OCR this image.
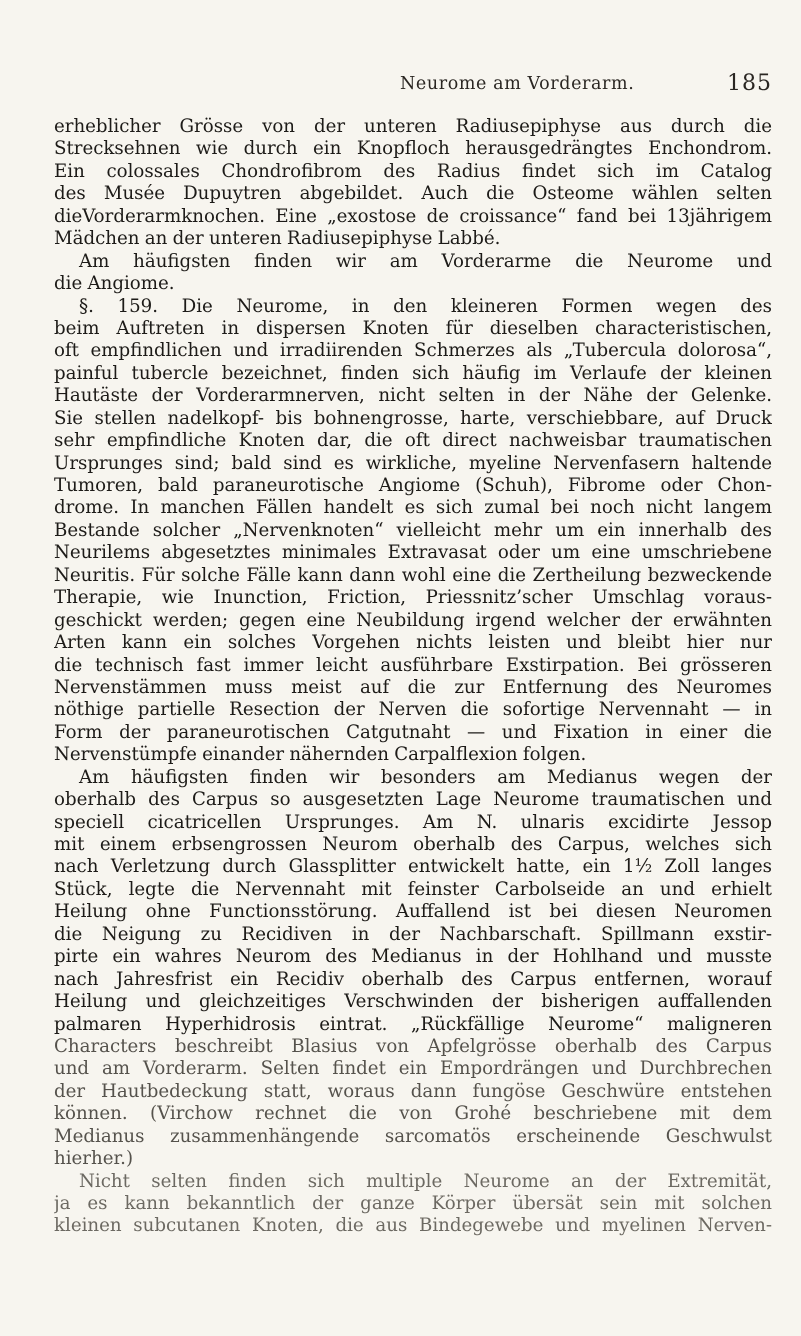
Neurome am Vorderarm.	185
erheblicher Grösse von der unteren Radiusepiphyse aus durch die
Strecksehnen wie durch ein Knopfloch herausgedrängtes Enchondrom.
Ein colossales Chondrofibrom des Radius findet sich im Catalog
des Musée Dupuytren abgebildet. Auch die Osteome wählen selten
dieVorderarmknochen. Eine „exostose de croissance“ fand bei 13jährigem
Mädchen an der unteren Radiusepiphyse Labbé.
Am häufigsten finden wir am Vorderarme die Neurome und
die Angiome.
§. 159. Die Neurome, in den kleineren Formen wegen des
beim Auftreten in dispersen Knoten für dieselben characteristischen,
oft empfindlichen und irradiirenden Schmerzes als „Tubercula dolorosa“,
painful tubercle bezeichnet, finden sich häufig im Verlaufe der kleinen
Hautäste der Vorderarmnerven, nicht selten in der Nähe der Gelenke.
Sie stellen nadelkopf- bis bohnengrosse, harte, verschiebbare, auf Druck
sehr empfindliche Knoten dar, die oft direct nachweisbar traumatischen
Ursprunges sind; bald sind es wirkliche, myeline Nervenfasern haltende
Tumoren, bald paraneurotische Angiome (Schuh), Fibrome oder Chon-
drome. In manchen Fällen handelt es sich zumal bei noch nicht langem
Bestande solcher „Nervenknoten“ vielleicht mehr um ein innerhalb des
Neurilems abgesetztes minimales Extravasat oder um eine umschriebene
Neuritis. Für solche Fälle kann dann wohl eine die Zertheilung bezweckende
Therapie, wie Inunction, Friction, Priessnitz’scher Umschlag voraus-
geschickt werden; gegen eine Neubildung irgend welcher der erwähnten
Arten kann ein solches Vorgehen nichts leisten und bleibt hier nur
die technisch fast immer leicht ausführbare Exstirpation. Bei grösseren
Nervenstämmen muss meist auf die zur Entfernung des Neuromes
nöthige partielle Resection der Nerven die sofortige Nervennaht — in
Form der paraneurotischen Catgutnaht — und Fixation in einer die
Nervenstümpfe einander nähernden Carpalflexion folgen.
Am häufigsten finden wir besonders am Medianus wegen der
oberhalb des Carpus so ausgesetzten Lage Neurome traumatischen und
speciell cicatricellen Ursprunges. Am N. ulnaris excidirte Jessop
mit einem erbsengrossen Neurom oberhalb des Carpus, welches sich
nach Verletzung durch Glassplitter entwickelt hatte, ein 1½ Zoll langes
Stück, legte die Nervennaht mit feinster Carbolseide an und erhielt
Heilung ohne Functionsstörung. Auffallend ist bei diesen Neuromen
die Neigung zu Recidiven in der Nachbarschaft. Spillmann exstir-
pirte ein wahres Neurom des Medianus in der Hohlhand und musste
nach Jahresfrist ein Recidiv oberhalb des Carpus entfernen, worauf
Heilung und gleichzeitiges Verschwinden der bisherigen auffallenden
palmaren Hyperhidrosis eintrat. „Rückfällige Neurome“ maligneren
Characters beschreibt Blasius von Apfelgrösse oberhalb des Carpus
und am Vorderarm. Selten findet ein Empordrängen und Durchbrechen
der Hautbedeckung statt, woraus dann fungöse Geschwüre entstehen
können. (Virchow rechnet die von Grohé beschriebene mit dem
Medianus zusammenhängende sarcomatös erscheinende Geschwulst
hierher.)
Nicht selten finden sich multiple Neurome an der Extremität,
ja es kann bekanntlich der ganze Körper übersät sein mit solchen
kleinen subcutanen Knoten, die aus Bindegewebe und myelinen Nerven-
